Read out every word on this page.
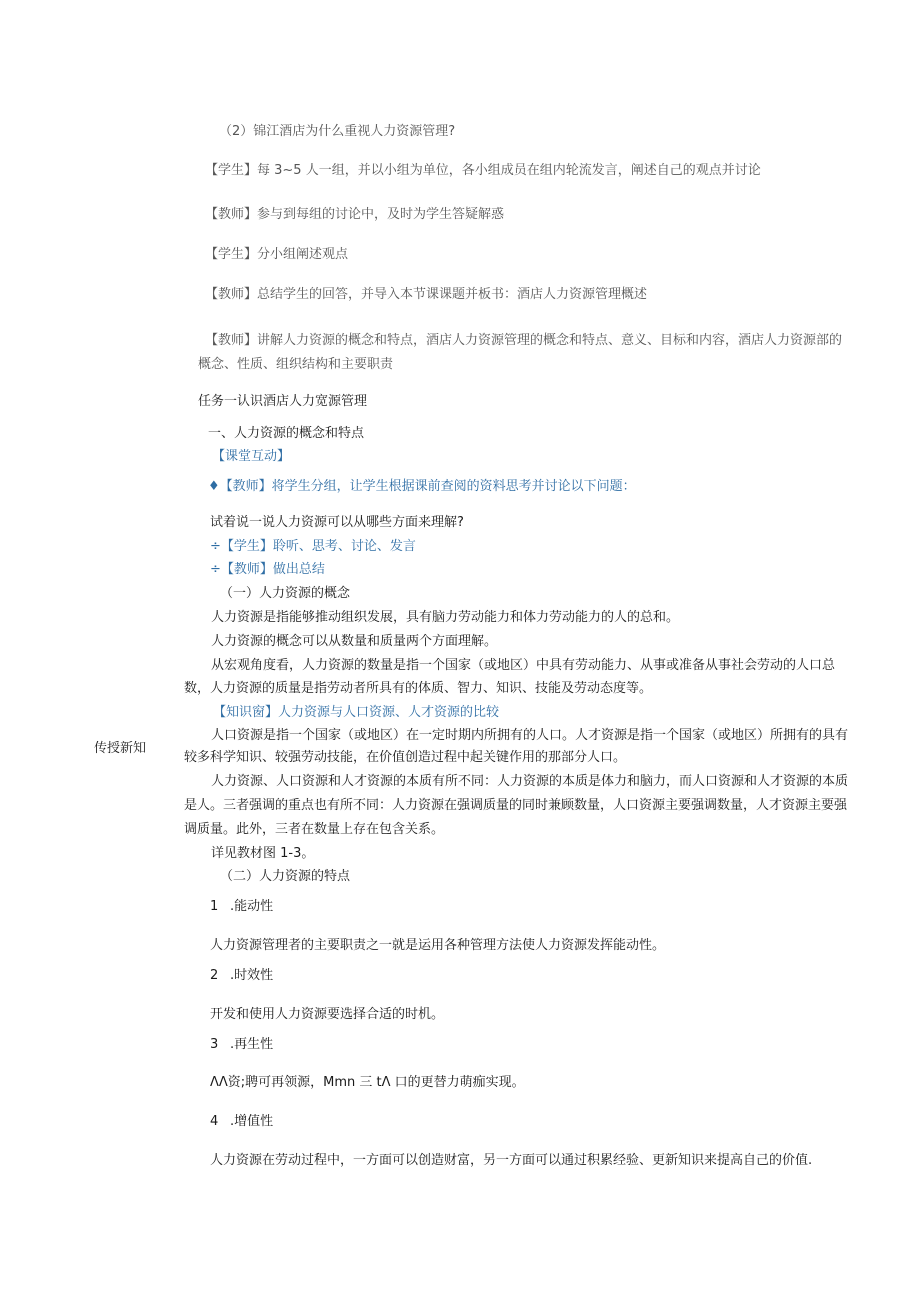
传授新知
（2）锦江酒店为什么重视人力资源管理?
【学生】每 3~5 人一组，并以小组为单位，各小组成员在组内轮流发言，阐述自己的观点并讨论
【教师】参与到每组的讨论中，及时为学生答疑解惑
【学生】分小组阐述观点
【教师】总结学生的回答，并导入本节课课题并板书：酒店人力资源管理概述
【教师】讲解人力资源的概念和特点，酒店人力资源管理的概念和特点、意义、目标和内容，酒店人力资源部的
概念、性质、组织结构和主要职责
任务一认识酒店人力宽源管理
一、人力资源的概念和特点
【课堂互动】
♦【教师】将学生分组，让学生根据课前查阅的资料思考并讨论以下问题：
试着说一说人力资源可以从哪些方面来理解?
÷【学生】聆听、思考、讨论、发言
÷【教师】做出总结
（一）人力资源的概念
人力资源是指能够推动组织发展，具有脑力劳动能力和体力劳动能力的人的总和。
人力资源的概念可以从数量和质量两个方面理解。
从宏观角度看，人力资源的数量是指一个国家（或地区）中具有劳动能力、从事或准备从事社会劳动的人口总
数，人力资源的质量是指劳动者所具有的体质、智力、知识、技能及劳动态度等。
【知识窗】人力资源与人口资源、人才资源的比较
人口资源是指一个国家（或地区）在一定时期内所拥有的人口。人才资源是指一个国家（或地区）所拥有的具有
较多科学知识、较强劳动技能，在价值创造过程中起关键作用的那部分人口。
人力资源、人口资源和人才资源的本质有所不同：人力资源的本质是体力和脑力，而人口资源和人才资源的本质
是人。三者强调的重点也有所不同：人力资源在强调质量的同时兼顾数量，人口资源主要强调数量，人才资源主要强
调质量。此外，三者在数量上存在包含关系。
详见教材图 1-3。
（二）人力资源的特点
1 .能动性
人力资源管理者的主要职责之一就是运用各种管理方法使人力资源发挥能动性。
2 .时效性
开发和使用人力资源要选择合适的时机。
3 .再生性
ΛΛ资;聘可再领源，Mmn 三 tΛ 口的更替力萌痂实现。
4 .增值性
人力资源在劳动过程中，一方面可以创造财富，另一方面可以通过积累经验、更新知识来提高自己的价值.
